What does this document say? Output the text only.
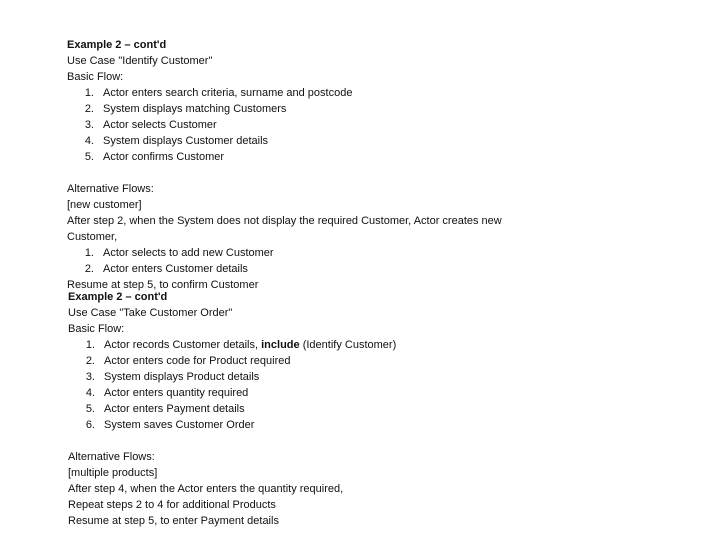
Example 2 – cont'd
Use Case "Identify Customer"
Basic Flow:
1. Actor enters search criteria, surname and postcode
2. System displays matching Customers
3. Actor selects Customer
4. System displays Customer details
5. Actor confirms Customer
Alternative Flows:
[new customer]
After step 2, when the System does not display the required Customer, Actor creates new Customer,
1. Actor selects to add new Customer
2. Actor enters Customer details
Resume at step 5, to confirm Customer
Example 2 – cont'd
Use Case "Take Customer Order"
Basic Flow:
1. Actor records Customer details, include (Identify Customer)
2. Actor enters code for Product required
3. System displays Product details
4. Actor enters quantity required
5. Actor enters Payment details
6. System saves Customer Order
Alternative Flows:
[multiple products]
After step 4, when the Actor enters the quantity required,
Repeat steps 2 to 4 for additional Products
Resume at step 5, to enter Payment details
